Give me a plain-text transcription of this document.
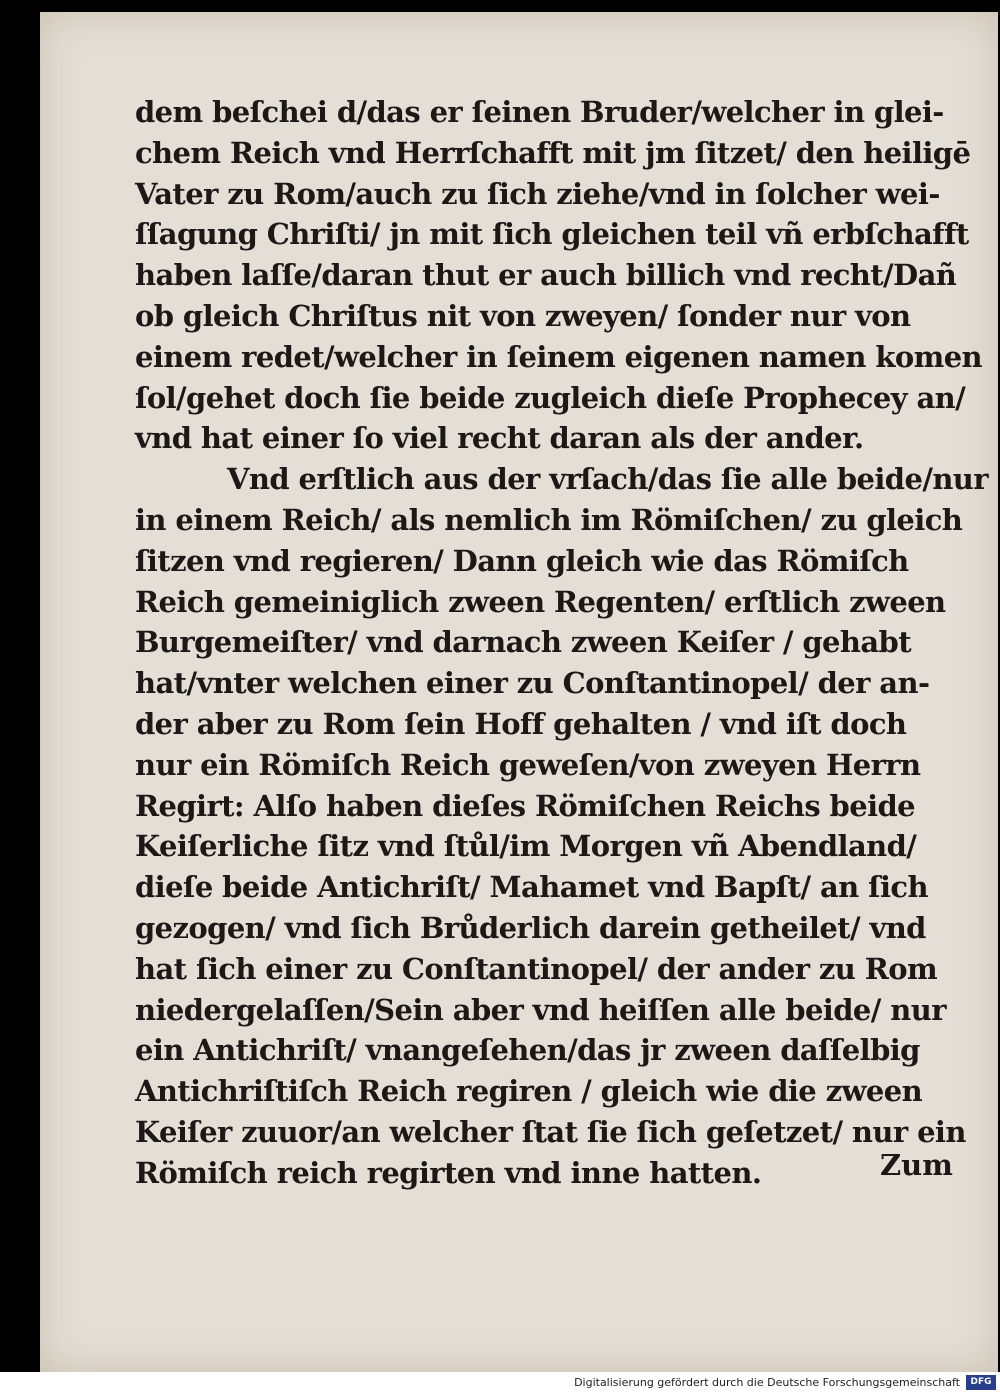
dem beſchei d/das er ſeinen Bruder/welcher in glei-
chem Reich vnd Herrſchafft mit jm ſitzet/ den heiligē
Vater zu Rom/auch zu ſich ziehe/vnd in ſolcher wei-
ſſagung Chriſti/ jn mit ſich gleichen teil vñ erbſchafft
haben laſſe/daran thut er auch billich vnd recht/Dañ
ob gleich Chriſtus nit von zweyen/ ſonder nur von
einem redet/welcher in ſeinem eigenen namen komen
ſol/gehet doch ſie beide zugleich dieſe Prophecey an/
vnd hat einer ſo viel recht daran als der ander.
Vnd erſtlich aus der vrſach/das ſie alle beide/nur
in einem Reich/ als nemlich im Römiſchen/ zu gleich
ſitzen vnd regieren/ Dann gleich wie das Römiſch
Reich gemeiniglich zween Regenten/ erſtlich zween
Burgemeiſter/ vnd darnach zween Keiſer / gehabt
hat/vnter welchen einer zu Conſtantinopel/ der an-
der aber zu Rom ſein Hoff gehalten / vnd iſt doch
nur ein Römiſch Reich geweſen/von zweyen Herrn
Regirt: Alſo haben dieſes Römiſchen Reichs beide
Keiſerliche ſitz vnd ſtůl/im Morgen vñ Abendland/
dieſe beide Antichriſt/ Mahamet vnd Bapſt/ an ſich
gezogen/ vnd ſich Brůderlich darein getheilet/ vnd
hat ſich einer zu Conſtantinopel/ der ander zu Rom
niedergelaſſen/Sein aber vnd heiſſen alle beide/ nur
ein Antichriſt/ vnangeſehen/das jr zween daſſelbig
Antichriſtiſch Reich regiren / gleich wie die zween
Keiſer zuuor/an welcher ſtat ſie ſich geſetzet/ nur ein
Römiſch reich regirten vnd inne hatten.	Zum
Digitalisierung gefördert durch die Deutsche Forschungsgemeinschaft	DFG
